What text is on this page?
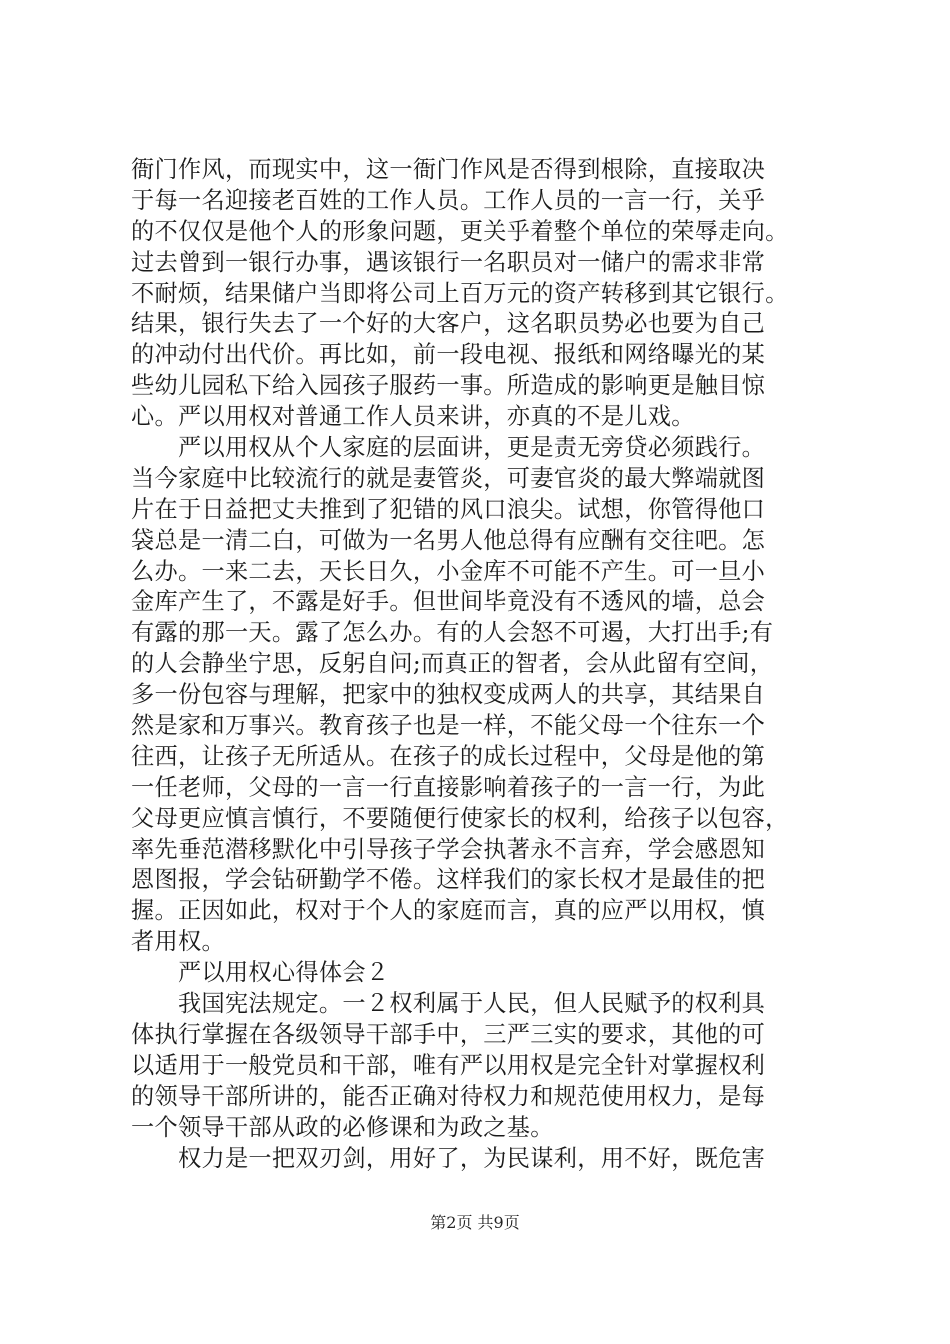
衙门作风，而现实中，这一衙门作风是否得到根除，直接取决
于每一名迎接老百姓的工作人员。工作人员的一言一行，关乎
的不仅仅是他个人的形象问题，更关乎着整个单位的荣辱走向。
过去曾到一银行办事，遇该银行一名职员对一储户的需求非常
不耐烦，结果储户当即将公司上百万元的资产转移到其它银行。
结果，银行失去了一个好的大客户，这名职员势必也要为自己
的冲动付出代价。再比如，前一段电视、报纸和网络曝光的某
些幼儿园私下给入园孩子服药一事。所造成的影响更是触目惊
心。严以用权对普通工作人员来讲，亦真的不是儿戏。
　　严以用权从个人家庭的层面讲，更是责无旁贷必须践行。
当今家庭中比较流行的就是妻管炎，可妻官炎的最大弊端就图
片在于日益把丈夫推到了犯错的风口浪尖。试想，你管得他口
袋总是一清二白，可做为一名男人他总得有应酬有交往吧。怎
么办。一来二去，天长日久，小金库不可能不产生。可一旦小
金库产生了，不露是好手。但世间毕竟没有不透风的墙，总会
有露的那一天。露了怎么办。有的人会怒不可遏，大打出手;有
的人会静坐宁思，反躬自问;而真正的智者，会从此留有空间，
多一份包容与理解，把家中的独权变成两人的共享，其结果自
然是家和万事兴。教育孩子也是一样，不能父母一个往东一个
往西，让孩子无所适从。在孩子的成长过程中，父母是他的第
一任老师，父母的一言一行直接影响着孩子的一言一行，为此
父母更应慎言慎行，不要随便行使家长的权利，给孩子以包容，
率先垂范潜移默化中引导孩子学会执著永不言弃，学会感恩知
恩图报，学会钻研勤学不倦。这样我们的家长权才是最佳的把
握。正因如此，权对于个人的家庭而言，真的应严以用权，慎
者用权。
　　严以用权心得体会２
　　我国宪法规定。一２权利属于人民，但人民赋予的权利具
体执行掌握在各级领导干部手中，三严三实的要求，其他的可
以适用于一般党员和干部，唯有严以用权是完全针对掌握权利
的领导干部所讲的，能否正确对待权力和规范使用权力，是每
一个领导干部从政的必修课和为政之基。
　　权力是一把双刃剑，用好了，为民谋利，用不好，既危害
第2页 共9页
